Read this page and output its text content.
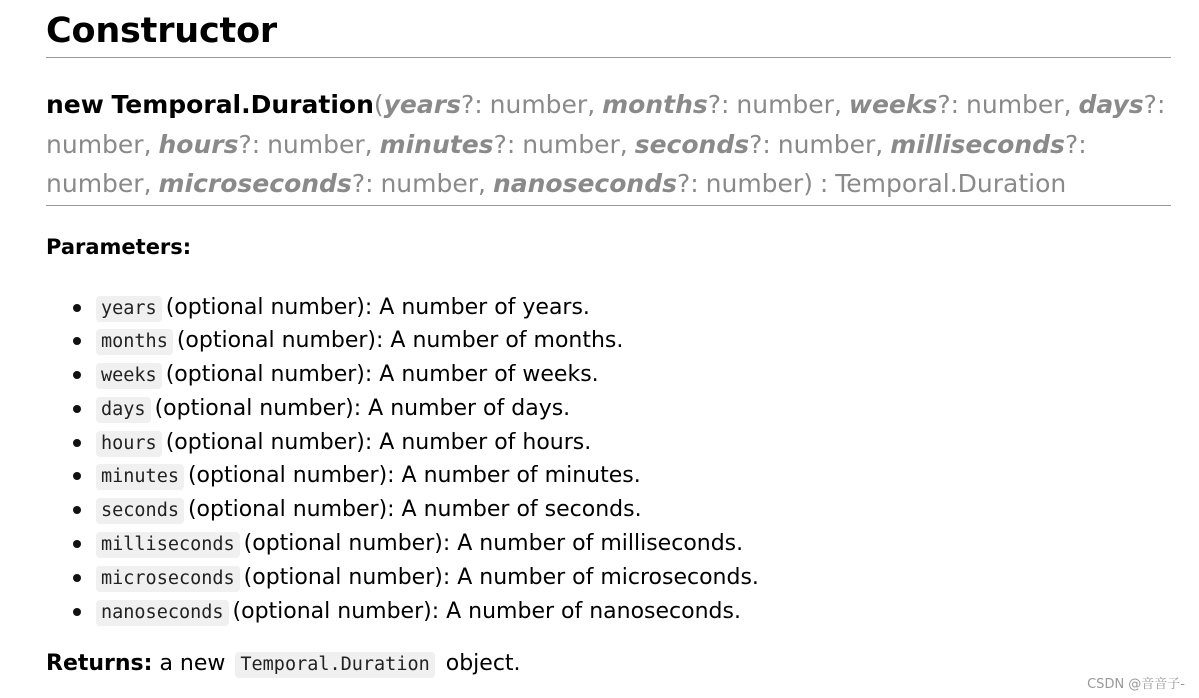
Constructor
new Temporal.Duration(years?: number, months?: number, weeks?: number, days?: number, hours?: number, minutes?: number, seconds?: number, milliseconds?: number, microseconds?: number, nanoseconds?: number) : Temporal.Duration
Parameters:
years (optional number): A number of years.
months (optional number): A number of months.
weeks (optional number): A number of weeks.
days (optional number): A number of days.
hours (optional number): A number of hours.
minutes (optional number): A number of minutes.
seconds (optional number): A number of seconds.
milliseconds (optional number): A number of milliseconds.
microseconds (optional number): A number of microseconds.
nanoseconds (optional number): A number of nanoseconds.
Returns: a new Temporal.Duration object.
CSDN @音音子-
